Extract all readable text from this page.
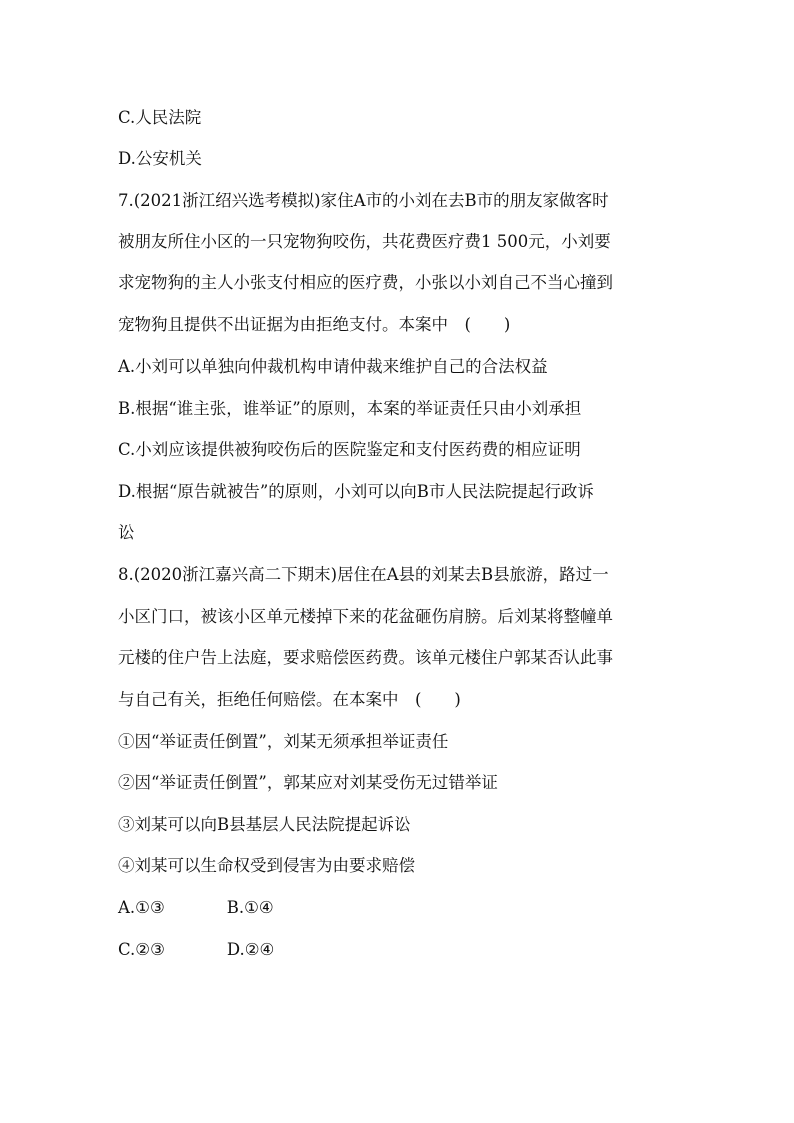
C.人民法院
D.公安机关
7.(2021浙江绍兴选考模拟)家住A市的小刘在去B市的朋友家做客时
被朋友所住小区的一只宠物狗咬伤，共花费医疗费1 500元，小刘要
求宠物狗的主人小张支付相应的医疗费，小张以小刘自己不当心撞到
宠物狗且提供不出证据为由拒绝支付。本案中　(　　)
A.小刘可以单独向仲裁机构申请仲裁来维护自己的合法权益
B.根据“谁主张，谁举证”的原则，本案的举证责任只由小刘承担
C.小刘应该提供被狗咬伤后的医院鉴定和支付医药费的相应证明
D.根据“原告就被告”的原则，小刘可以向B市人民法院提起行政诉
讼
8.(2020浙江嘉兴高二下期末)居住在A县的刘某去B县旅游，路过一
小区门口，被该小区单元楼掉下来的花盆砸伤肩膀。后刘某将整幢单
元楼的住户告上法庭，要求赔偿医药费。该单元楼住户郭某否认此事
与自己有关，拒绝任何赔偿。在本案中　(　　)
①因“举证责任倒置”，刘某无须承担举证责任
②因“举证责任倒置”，郭某应对刘某受伤无过错举证
③刘某可以向B县基层人民法院提起诉讼
④刘某可以生命权受到侵害为由要求赔偿
A.①③	B.①④
C.②③	D.②④
